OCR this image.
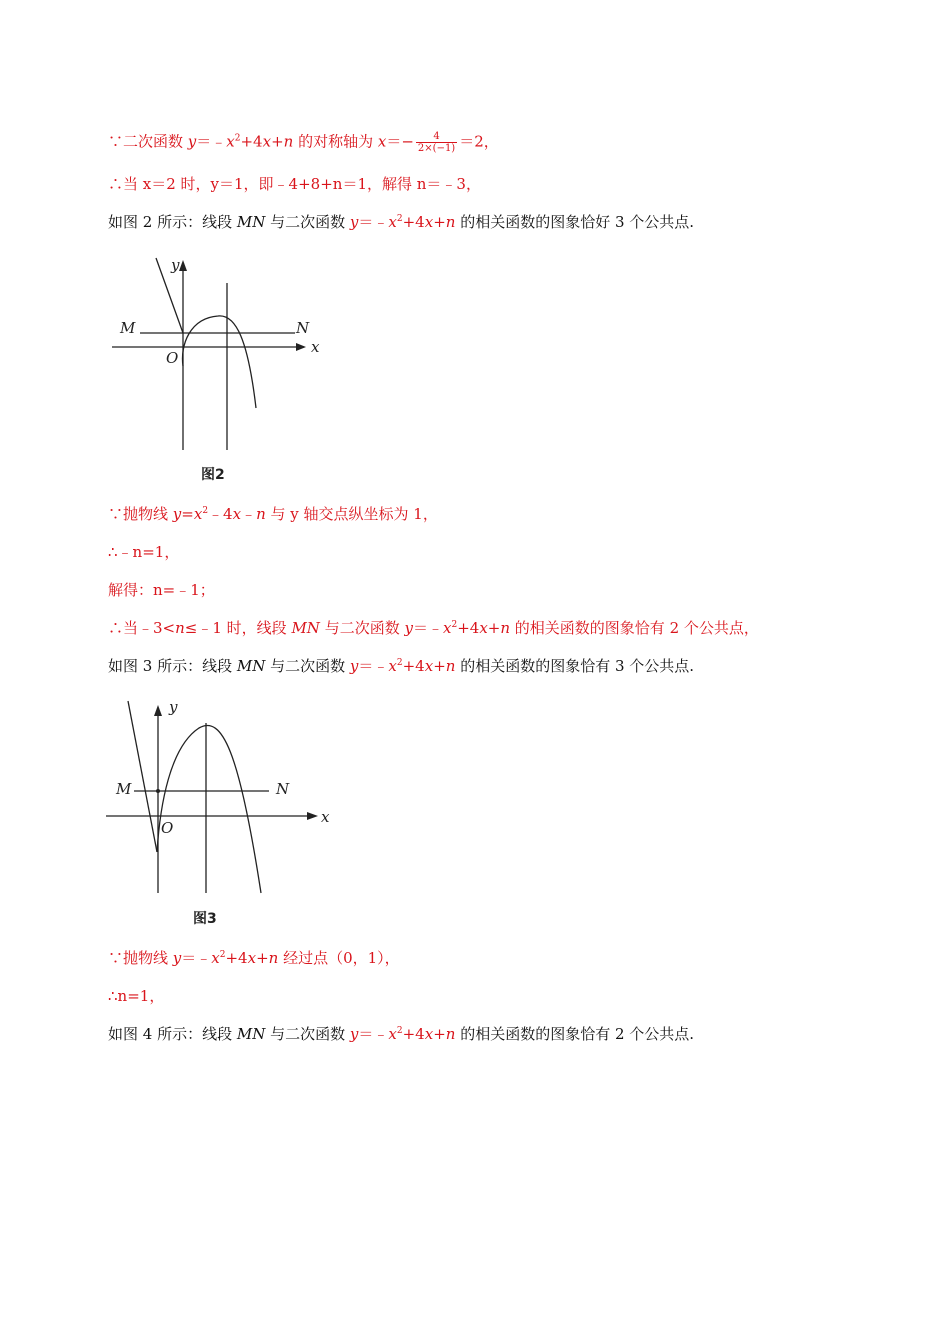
∵二次函数 $y=﹣x^2+4x+n$ 的对称轴为 $x=- \frac{4}{2\times(-1)} =2$，
∴当 x＝2 时，y＝1，即﹣4+8+n＝1，解得 n＝﹣3，
如图 2 所示：线段 MN 与二次函数 $y=﹣x^2+4x+n$ 的相关函数的图象恰好 3 个公共点.
y
x
O
M	N
图2
∵抛物线 $y=x^2﹣4x﹣n$ 与 y 轴交点纵坐标为 1，
∴﹣n=1，
解得：n=﹣1；
∴当﹣3<n≤﹣1 时，线段 MN 与二次函数 $y=﹣x^2+4x+n$ 的相关函数的图象恰有 2 个公共点，
如图 3 所示：线段 MN 与二次函数 $y=﹣x^2+4x+n$ 的相关函数的图象恰有 3 个公共点.
y
x
O
M	N
图3
∵抛物线 $y=﹣x^2+4x+n$ 经过点（0，1），
∴n=1，
如图 4 所示：线段 MN 与二次函数 $y=﹣x^2+4x+n$ 的相关函数的图象恰有 2 个公共点.
